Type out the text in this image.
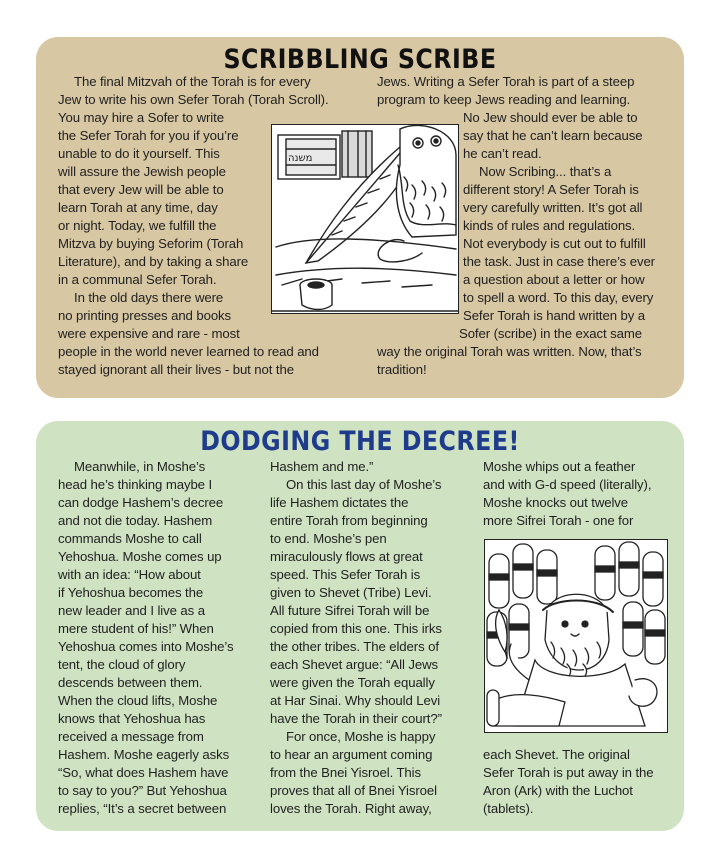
SCRIBBLING SCRIBE
DODGING THE DECREE!

The final Mitzvah of the Torah is for every

Jew to write his own Sefer Torah (Torah Scroll).

You may hire a Sofer to write

the Sefer Torah for you if you’re

unable to do it yourself. This

will assure the Jewish people

that every Jew will be able to

learn Torah at any time, day

or night. Today, we fulfill the

Mitzva by buying Seforim (Torah

Literature), and by taking a share

in a communal Sefer Torah.

In the old days there were

no printing presses and books

were expensive and rare - most

people in the world never learned to read and

stayed ignorant all their lives - but not the

Jews. Writing a Sefer Torah is part of a steep

program to keep Jews reading and learning.

No Jew should ever be able to

say that he can’t learn because

he can’t read.

Now Scribing... that’s a

different story! A Sefer Torah is

very carefully written. It’s got all

kinds of rules and regulations.

Not everybody is cut out to fulfill

the task. Just in case there’s ever

a question about a letter or how

to spell a word. To this day, every

Sefer Torah is hand written by a

Sofer (scribe) in the exact same

way the original Torah was written. Now, that’s

tradition!

משנה

Meanwhile, in Moshe’s

head he’s thinking maybe I

can dodge Hashem’s decree

and not die today. Hashem

commands Moshe to call

Yehoshua. Moshe comes up

with an idea: “How about

if Yehoshua becomes the

new leader and I live as a

mere student of his!” When

Yehoshua comes into Moshe’s

tent, the cloud of glory

descends between them.

When the cloud lifts, Moshe

knows that Yehoshua has

received a message from

Hashem. Moshe eagerly asks

“So, what does Hashem have

to say to you?” But Yehoshua

replies, “It’s a secret between

Hashem and me.”

On this last day of Moshe’s

life Hashem dictates the

entire Torah from beginning

to end. Moshe’s pen

miraculously flows at great

speed. This Sefer Torah is

given to Shevet (Tribe) Levi.

All future Sifrei Torah will be

copied from this one. This irks

the other tribes. The elders of

each Shevet argue: “All Jews

were given the Torah equally

at Har Sinai. Why should Levi

have the Torah in their court?”

For once, Moshe is happy

to hear an argument coming

from the Bnei Yisroel. This

proves that all of Bnei Yisroel

loves the Torah. Right away,

Moshe whips out a feather

and with G-d speed (literally),

Moshe knocks out twelve

more Sifrei Torah - one for

each Shevet. The original

Sefer Torah is put away in the

Aron (Ark) with the Luchot

(tablets).
